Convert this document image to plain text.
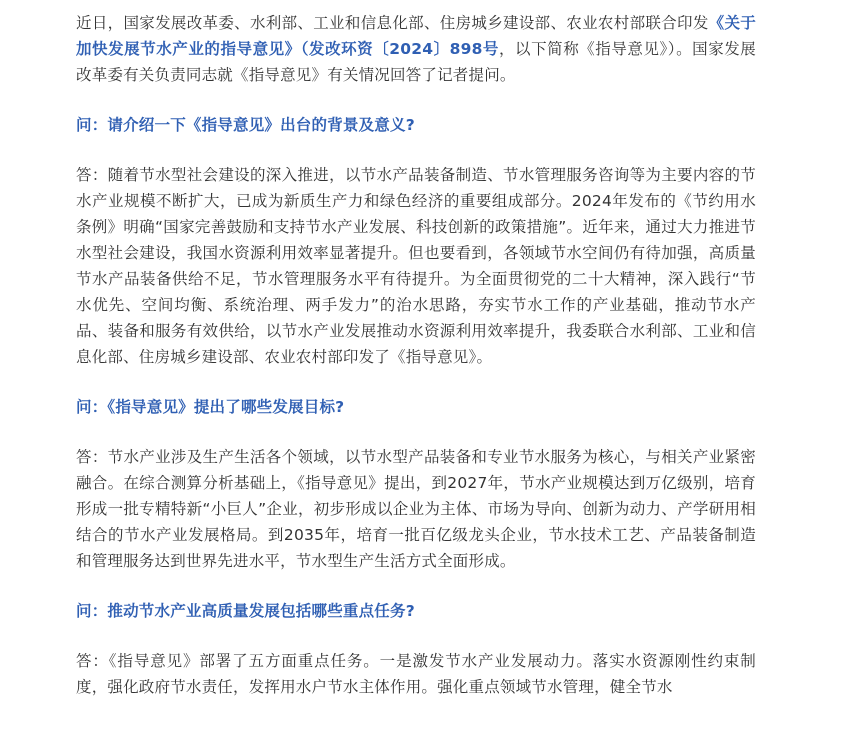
近日，国家发展改革委、水利部、工业和信息化部、住房城乡建设部、农业农村部联合印发《关于加快发展节水产业的指导意见》（发改环资〔2024〕898号，以下简称《指导意见》）。国家发展改革委有关负责同志就《指导意见》有关情况回答了记者提问。

问：请介绍一下《指导意见》出台的背景及意义?

答：随着节水型社会建设的深入推进，以节水产品装备制造、节水管理服务咨询等为主要内容的节水产业规模不断扩大，已成为新质生产力和绿色经济的重要组成部分。2024年发布的《节约用水条例》明确“国家完善鼓励和支持节水产业发展、科技创新的政策措施”。近年来，通过大力推进节水型社会建设，我国水资源利用效率显著提升。但也要看到，各领域节水空间仍有待加强，高质量节水产品装备供给不足，节水管理服务水平有待提升。为全面贯彻党的二十大精神，深入践行“节水优先、空间均衡、系统治理、两手发力”的治水思路，夯实节水工作的产业基础，推动节水产品、装备和服务有效供给，以节水产业发展推动水资源利用效率提升，我委联合水利部、工业和信息化部、住房城乡建设部、农业农村部印发了《指导意见》。

问：《指导意见》提出了哪些发展目标?

答：节水产业涉及生产生活各个领域，以节水型产品装备和专业节水服务为核心，与相关产业紧密融合。在综合测算分析基础上，《指导意见》提出，到2027年，节水产业规模达到万亿级别，培育形成一批专精特新“小巨人”企业，初步形成以企业为主体、市场为导向、创新为动力、产学研用相结合的节水产业发展格局。到2035年，培育一批百亿级龙头企业，节水技术工艺、产品装备制造和管理服务达到世界先进水平，节水型生产生活方式全面形成。

问：推动节水产业高质量发展包括哪些重点任务?

答：《指导意见》部署了五方面重点任务。一是激发节水产业发展动力。落实水资源刚性约束制度，强化政府节水责任，发挥用水户节水主体作用。强化重点领域节水管理，健全节水
